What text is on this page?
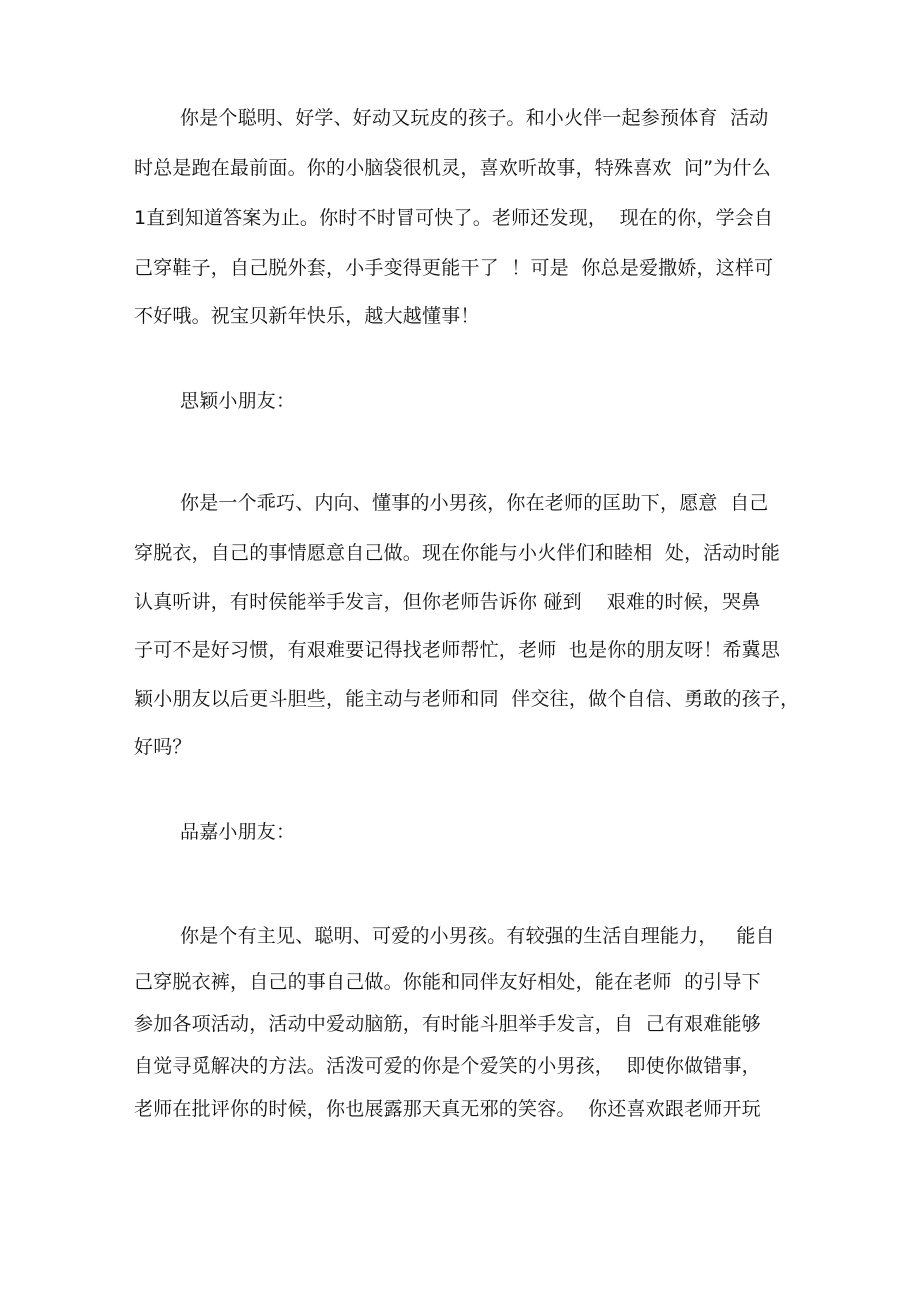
你是个聪明、好学、好动又玩皮的孩子。和小火伴一起参预体育  活动
时总是跑在最前面。你的小脑袋很机灵，喜欢听故事，特殊喜欢  问”为什么
1直到知道答案为止。你时不时冒可快了。老师还发现，  现在的你，学会自
己穿鞋子，自己脱外套，小手变得更能干了  ！可是  你总是爱撒娇，这样可
不好哦。祝宝贝新年快乐，越大越懂事！
思颖小朋友：
你是一个乖巧、内向、懂事的小男孩，你在老师的匡助下，愿意  自己
穿脱衣，自己的事情愿意自己做。现在你能与小火伴们和睦相  处，活动时能
认真听讲，有时侯能举手发言，但你老师告诉你 碰到    艰难的时候，哭鼻
子可不是好习惯，有艰难要记得找老师帮忙，老师  也是你的朋友呀！希冀思
颖小朋友以后更斗胆些，能主动与老师和同  伴交往，做个自信、勇敢的孩子，
好吗？
品嘉小朋友：
你是个有主见、聪明、可爱的小男孩。有较强的生活自理能力，   能自
己穿脱衣裤，自己的事自己做。你能和同伴友好相处，能在老师  的引导下
参加各项活动，活动中爱动脑筋，有时能斗胆举手发言，自  己有艰难能够
自觉寻觅解决的方法。活泼可爱的你是个爱笑的小男孩，  即使你做错事，
老师在批评你的时候，你也展露那天真无邪的笑容。  你还喜欢跟老师开玩
